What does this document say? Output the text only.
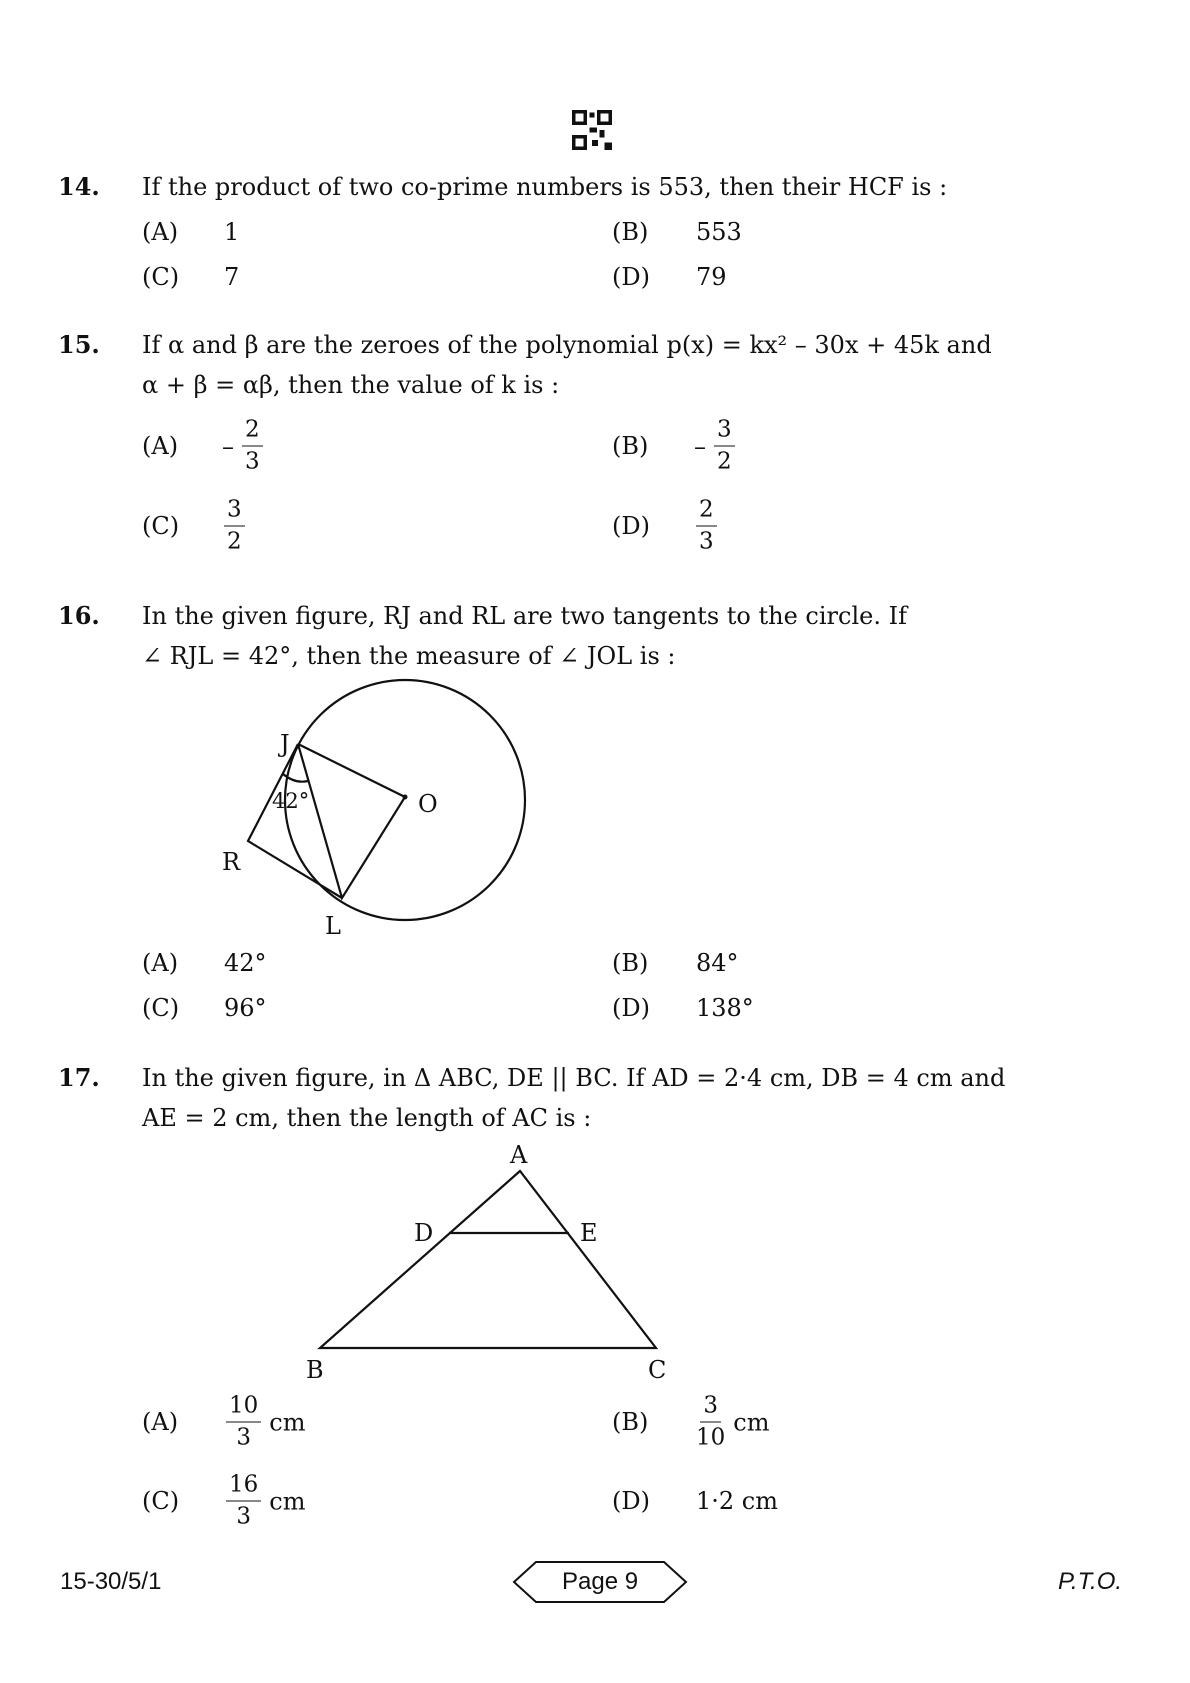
14. If the product of two co-prime numbers is 553, then their HCF is :
(A) 1	(B) 553
(C) 7	(D) 79
15. If α and β are the zeroes of the polynomial p(x) = kx² – 30x + 45k and
α + β = αβ, then the value of k is :
$(A) - \frac{2}{3}$	$(B) - \frac{3}{2}$
$(C) \frac{3}{2}$	$(D) \frac{2}{3}$
16. In the given figure, RJ and RL are two tangents to the circle. If
∠ RJL = 42°, then the measure of ∠ JOL is :
J
R
L
O
42°
A
D	E
B	C
(A) 42°	(B) 84°
(C) 96°	(D) 138°
17. In the given figure, in Δ ABC, DE || BC. If AD = 2·4 cm, DB = 4 cm and
AE = 2 cm, then the length of AC is :
$(A) \frac{10}{3}$ cm	$(B) \frac{3}{10}$ cm
$(C) \frac{16}{3}$ cm	(D) 1·2 cm
15-30/5/1	Page 9	P.T.O.
